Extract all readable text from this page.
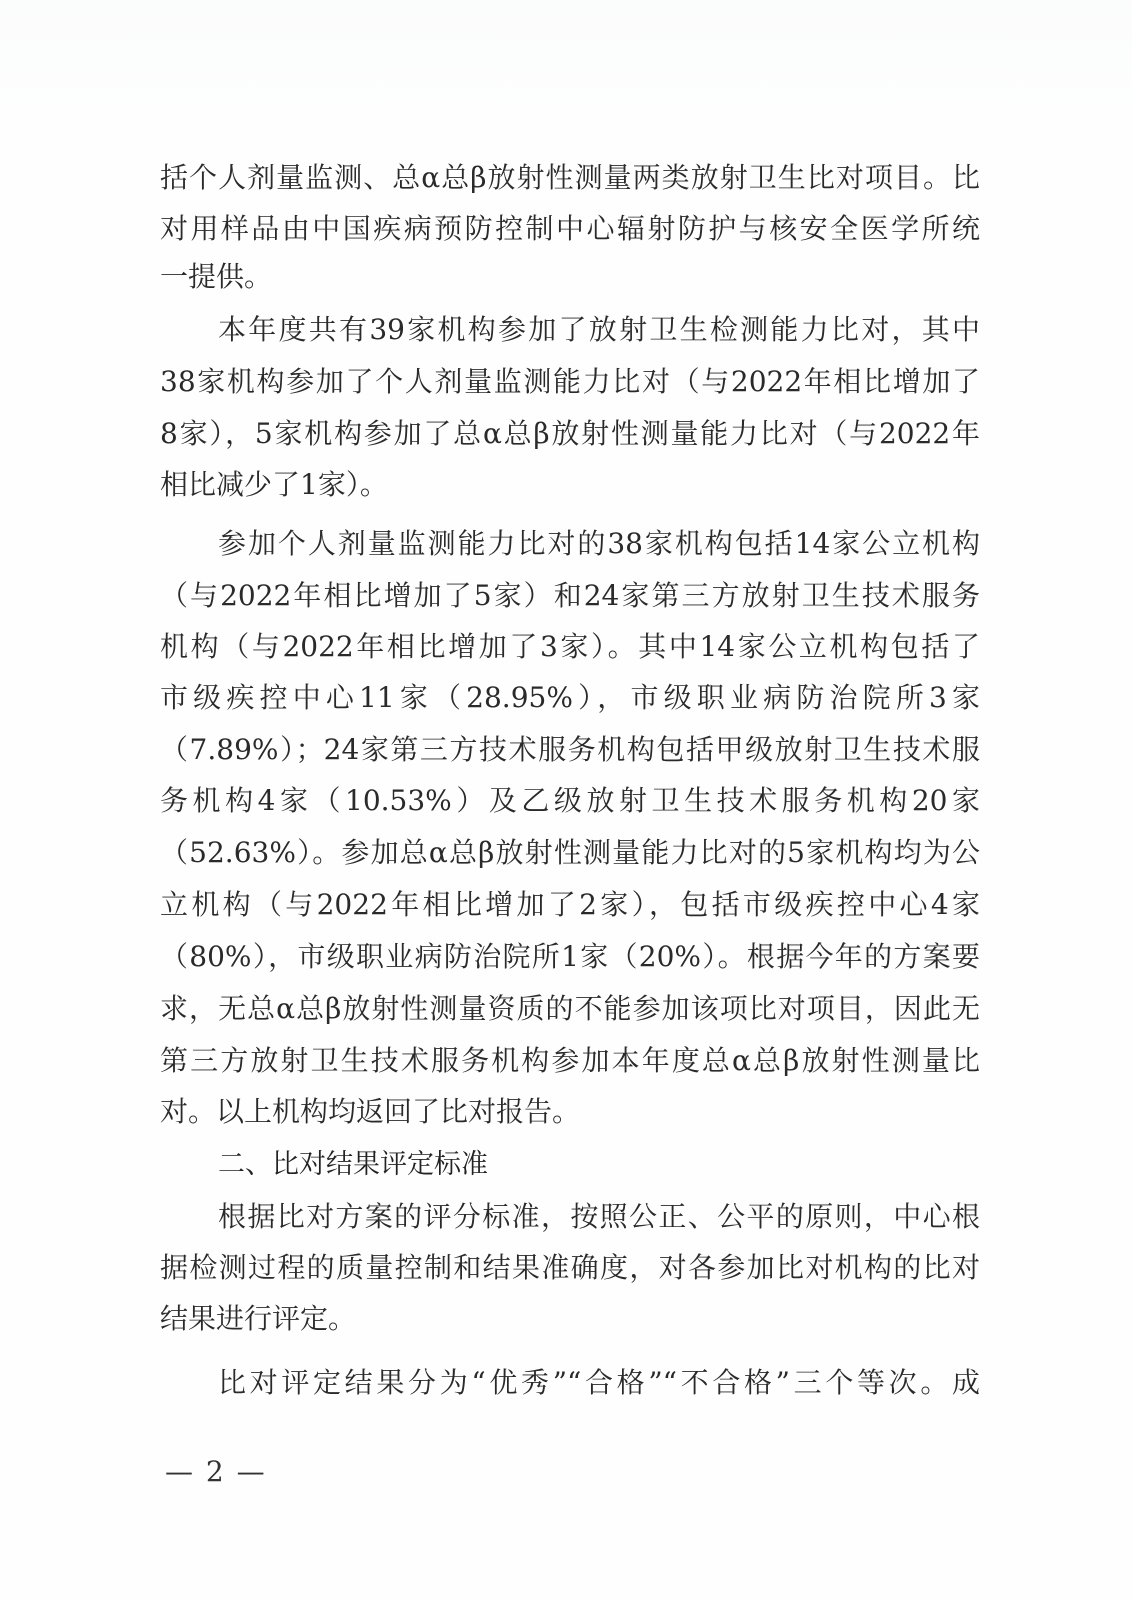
括个人剂量监测、总α总β放射性测量两类放射卫生比对项目。比
对用样品由中国疾病预防控制中心辐射防护与核安全医学所统
一提供。
本年度共有39家机构参加了放射卫生检测能力比对，其中
38家机构参加了个人剂量监测能力比对（与2022年相比增加了
8家），5家机构参加了总α总β放射性测量能力比对（与2022年
相比减少了1家）。
参加个人剂量监测能力比对的38家机构包括14家公立机构
（与2022年相比增加了5家）和24家第三方放射卫生技术服务
机构（与2022年相比增加了3家）。其中14家公立机构包括了
市级疾控中心11家（28.95%），市级职业病防治院所3家
（7.89%）；24家第三方技术服务机构包括甲级放射卫生技术服
务机构4家（10.53%）及乙级放射卫生技术服务机构20家
（52.63%）。参加总α总β放射性测量能力比对的5家机构均为公
立机构（与2022年相比增加了2家），包括市级疾控中心4家
（80%），市级职业病防治院所1家（20%）。根据今年的方案要
求，无总α总β放射性测量资质的不能参加该项比对项目，因此无
第三方放射卫生技术服务机构参加本年度总α总β放射性测量比
对。以上机构均返回了比对报告。
二、比对结果评定标准
根据比对方案的评分标准，按照公正、公平的原则，中心根
据检测过程的质量控制和结果准确度，对各参加比对机构的比对
结果进行评定。
比对评定结果分为“优秀”“合格”“不合格”三个等次。成
— 2 —
